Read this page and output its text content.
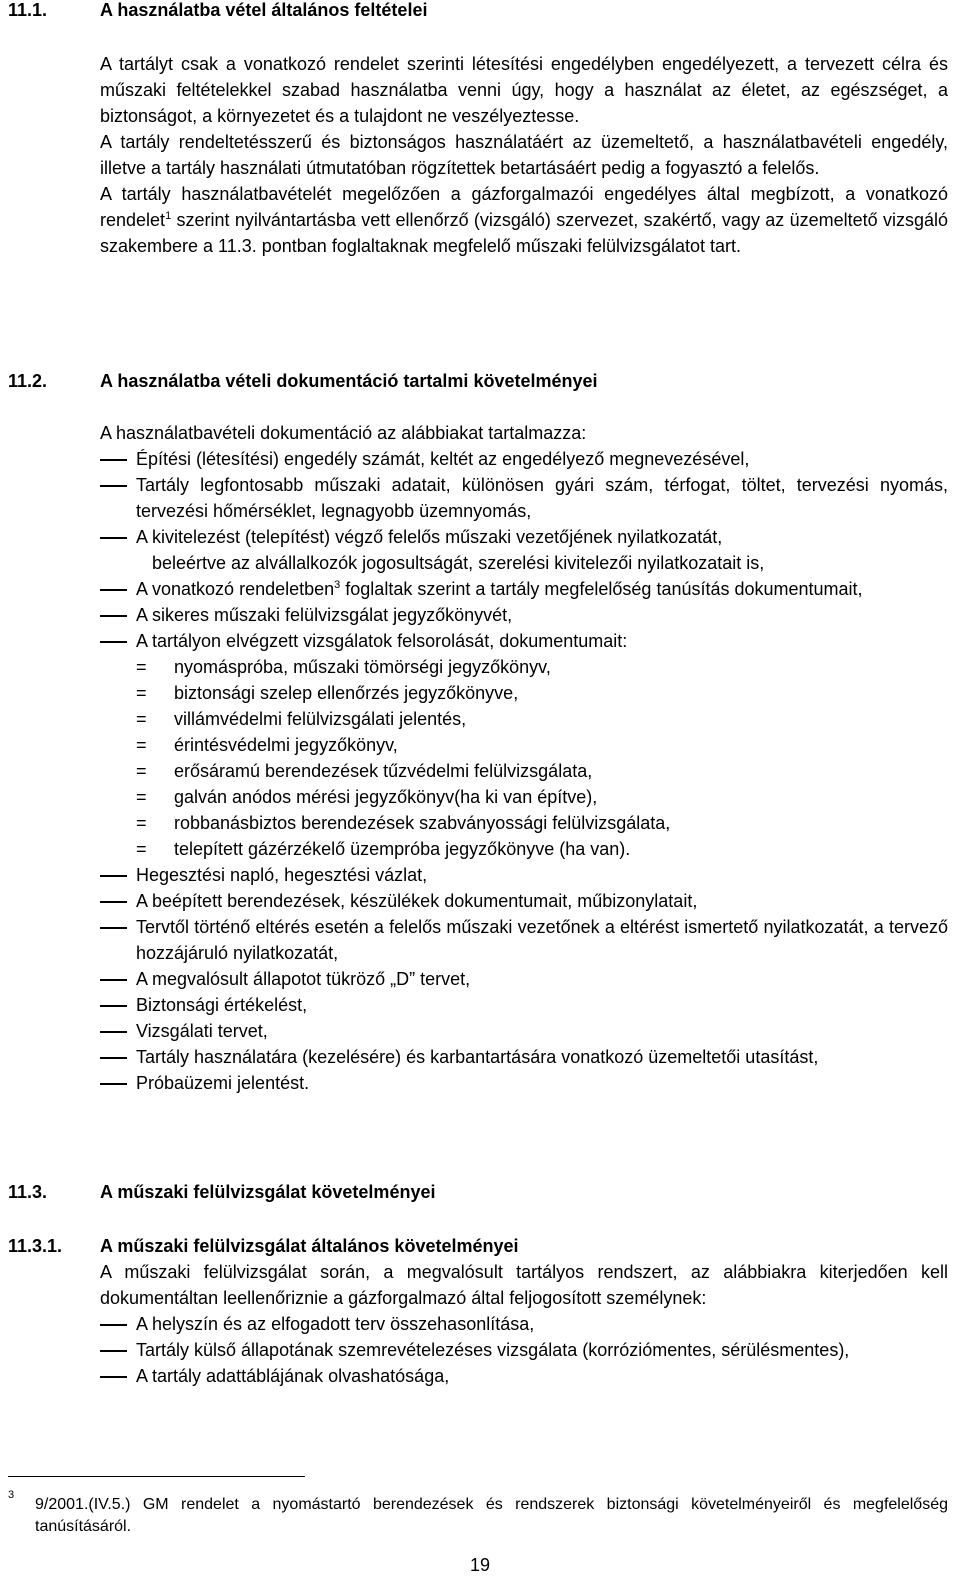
11.1.	A használatba vétel általános feltételei

A tartályt csak a vonatkozó rendelet szerinti létesítési engedélyben engedélyezett, a tervezett célra és műszaki feltételekkel szabad használatba venni úgy, hogy a használat az életet, az egészséget, a biztonságot, a környezetet és a tulajdont ne veszélyeztesse.

A tartály rendeltetésszerű és biztonságos használatáért az üzemeltető, a használatbavételi engedély, illetve a tartály használati útmutatóban rögzítettek betartásáért pedig a fogyasztó a felelős.

A tartály használatbavételét megelőzően a gázforgalmazói engedélyes által megbízott, a vonatkozó rendelet$^1$ szerint nyilvántartásba vett ellenőrző (vizsgáló) szervezet, szakértő, vagy az üzemeltető vizsgáló szakembere a 11.3. pontban foglaltaknak megfelelő műszaki felülvizsgálatot tart.

11.2.	A használatba vételi dokumentáció tartalmi követelményei

A használatbavételi dokumentáció az alábbiakat tartalmazza:

Építési (létesítési) engedély számát, keltét az engedélyező megnevezésével,
Tartály legfontosabb műszaki adatait, különösen gyári szám, térfogat, töltet, tervezési nyomás, tervezési hőmérséklet, legnagyobb üzemnyomás,
A kivitelezést (telepítést) végző felelős műszaki vezetőjének nyilatkozatát,
beleértve az alvállalkozók jogosultságát, szerelési kivitelezői nyilatkozatait is,
A vonatkozó rendeletben$^3$ foglaltak szerint a tartály megfelelőség tanúsítás dokumentumait,
A sikeres műszaki felülvizsgálat jegyzőkönyvét,
A tartályon elvégzett vizsgálatok felsorolását, dokumentumait:
= nyomáspróba, műszaki tömörségi jegyzőkönyv,
= biztonsági szelep ellenőrzés jegyzőkönyve,
= villámvédelmi felülvizsgálati jelentés,
= érintésvédelmi jegyzőkönyv,
= erősáramú berendezések tűzvédelmi felülvizsgálata,
= galván anódos mérési jegyzőkönyv(ha ki van építve),
= robbanásbiztos berendezések szabványossági felülvizsgálata,
= telepített gázérzékelő üzempróba jegyzőkönyve (ha van).
Hegesztési napló, hegesztési vázlat,
A beépített berendezések, készülékek dokumentumait, műbizonylatait,
Tervtől történő eltérés esetén a felelős műszaki vezetőnek a eltérést ismertető nyilatkozatát, a tervező hozzájáruló nyilatkozatát,
A megvalósult állapotot tükröző „D” tervet,
Biztonsági értékelést,
Vizsgálati tervet,
Tartály használatára (kezelésére) és karbantartására vonatkozó üzemeltetői utasítást,
Próbaüzemi jelentést.
11.3.	A műszaki felülvizsgálat követelményei
11.3.1. A műszaki felülvizsgálat általános követelményei

A műszaki felülvizsgálat során, a megvalósult tartályos rendszert, az alábbiakra kiterjedően kell dokumentáltan leellenőriznie a gázforgalmazó által feljogosított személynek:

A helyszín és az elfogadott terv összehasonlítása,
Tartály külső állapotának szemrevételezéses vizsgálata (korróziómentes, sérülésmentes),
A tartály adattáblájának olvashatósága,
3
9/2001.(IV.5.) GM rendelet a nyomástartó berendezések és rendszerek biztonsági követelményeiről és megfelelőség tanúsításáról.
19
